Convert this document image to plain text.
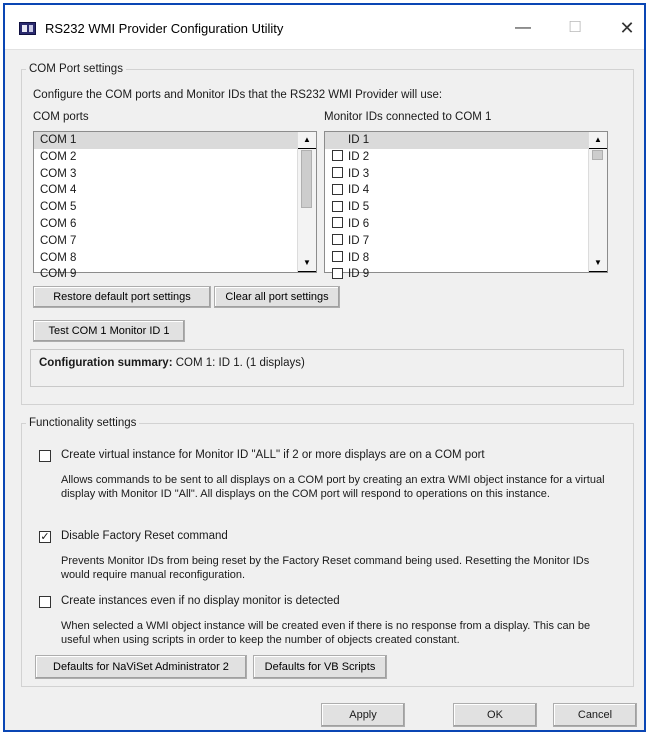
RS232 WMI Provider Configuration Utility	—	☐	✕
COM Port settings
Configure the COM ports and Monitor IDs that the RS232 WMI Provider will use:
COM ports	Monitor IDs connected to COM 1
COM 1
COM 2
COM 3
COM 4
COM 5
COM 6
COM 7
COM 8
COM 9
▲
▼
ID 1
ID 2
ID 3
ID 4
ID 5
ID 6
ID 7
ID 8
ID 9
▲
▼
Restore default port settings	Clear all port settings
Test COM 1 Monitor ID 1
Configuration summary: COM 1: ID 1. (1 displays)
Functionality settings
Create virtual instance for Monitor ID "ALL" if 2 or more displays are on a COM port
Allows commands to be sent to all displays on a COM port by creating an extra WMI object instance for a virtual display with Monitor ID "All". All displays on the COM port will respond to operations on this instance.
✓ Disable Factory Reset command
Prevents Monitor IDs from being reset by the Factory Reset command being used. Resetting the Monitor IDs would require manual reconfiguration.
Create instances even if no display monitor is detected
When selected a WMI object instance will be created even if there is no response from a display. This can be useful when using scripts in order to keep the number of objects created constant.
Defaults for NaViSet Administrator 2	Defaults for VB Scripts
Apply	OK	Cancel
